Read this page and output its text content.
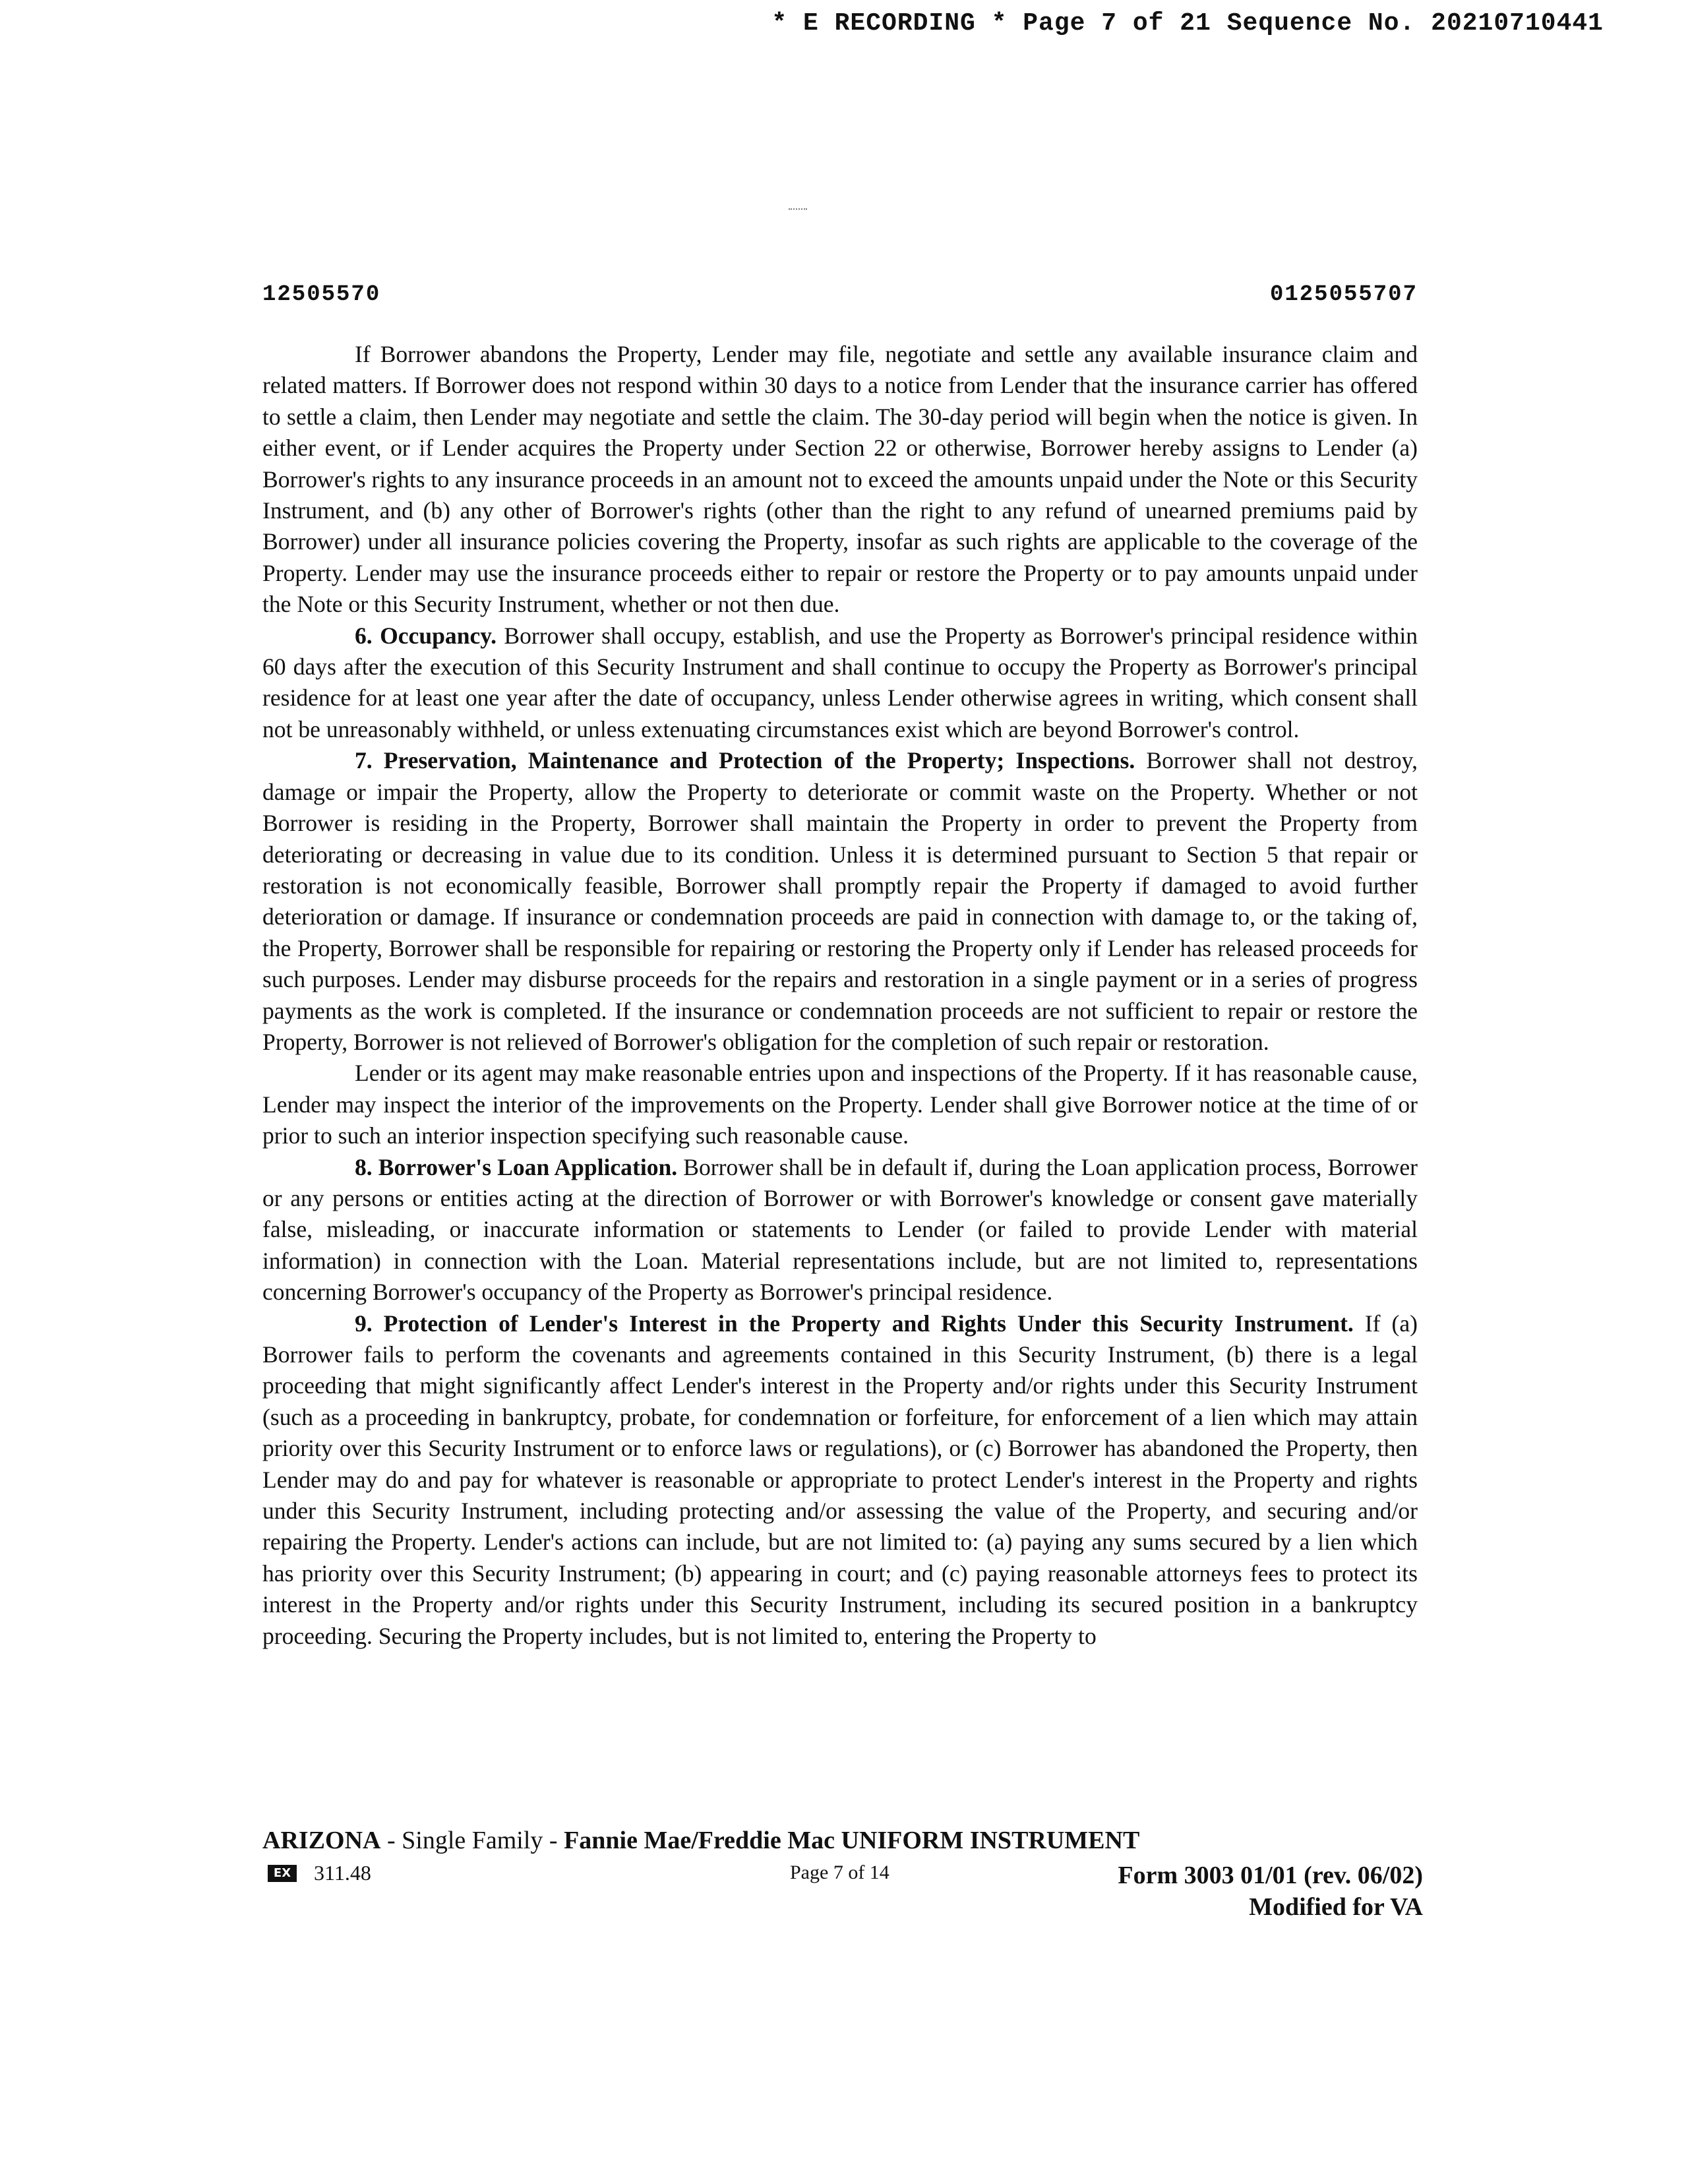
* E RECORDING * Page 7 of 21 Sequence No. 20210710441
12505570	0125055707

If Borrower abandons the Property, Lender may file, negotiate and settle any available insurance claim and related matters. If Borrower does not respond within 30 days to a notice from Lender that the insurance carrier has offered to settle a claim, then Lender may negotiate and settle the claim. The 30-day period will begin when the notice is given. In either event, or if Lender acquires the Property under Section 22 or otherwise, Borrower hereby assigns to Lender (a) Borrower's rights to any insurance proceeds in an amount not to exceed the amounts unpaid under the Note or this Security Instrument, and (b) any other of Borrower's rights (other than the right to any refund of unearned premiums paid by Borrower) under all insurance policies covering the Property, insofar as such rights are applicable to the coverage of the Property. Lender may use the insurance proceeds either to repair or restore the Property or to pay amounts unpaid under the Note or this Security Instrument, whether or not then due.

6. Occupancy. Borrower shall occupy, establish, and use the Property as Borrower's principal residence within 60 days after the execution of this Security Instrument and shall continue to occupy the Property as Borrower's principal residence for at least one year after the date of occupancy, unless Lender otherwise agrees in writing, which consent shall not be unreasonably withheld, or unless extenuating circumstances exist which are beyond Borrower's control.

7. Preservation, Maintenance and Protection of the Property; Inspections. Borrower shall not destroy, damage or impair the Property, allow the Property to deteriorate or commit waste on the Property. Whether or not Borrower is residing in the Property, Borrower shall maintain the Property in order to prevent the Property from deteriorating or decreasing in value due to its condition. Unless it is determined pursuant to Section 5 that repair or restoration is not economically feasible, Borrower shall promptly repair the Property if damaged to avoid further deterioration or damage. If insurance or condemnation proceeds are paid in connection with damage to, or the taking of, the Property, Borrower shall be responsible for repairing or restoring the Property only if Lender has released proceeds for such purposes. Lender may disburse proceeds for the repairs and restoration in a single payment or in a series of progress payments as the work is completed. If the insurance or condemnation proceeds are not sufficient to repair or restore the Property, Borrower is not relieved of Borrower's obligation for the completion of such repair or restoration.

Lender or its agent may make reasonable entries upon and inspections of the Property. If it has reasonable cause, Lender may inspect the interior of the improvements on the Property. Lender shall give Borrower notice at the time of or prior to such an interior inspection specifying such reasonable cause.

8. Borrower's Loan Application. Borrower shall be in default if, during the Loan application process, Borrower or any persons or entities acting at the direction of Borrower or with Borrower's knowledge or consent gave materially false, misleading, or inaccurate information or statements to Lender (or failed to provide Lender with material information) in connection with the Loan. Material representations include, but are not limited to, representations concerning Borrower's occupancy of the Property as Borrower's principal residence.

9. Protection of Lender's Interest in the Property and Rights Under this Security Instrument. If (a) Borrower fails to perform the covenants and agreements contained in this Security Instrument, (b) there is a legal proceeding that might significantly affect Lender's interest in the Property and/or rights under this Security Instrument (such as a proceeding in bankruptcy, probate, for condemnation or forfeiture, for enforcement of a lien which may attain priority over this Security Instrument or to enforce laws or regulations), or (c) Borrower has abandoned the Property, then Lender may do and pay for whatever is reasonable or appropriate to protect Lender's interest in the Property and rights under this Security Instrument, including protecting and/or assessing the value of the Property, and securing and/or repairing the Property. Lender's actions can include, but are not limited to: (a) paying any sums secured by a lien which has priority over this Security Instrument; (b) appearing in court; and (c) paying reasonable attorneys fees to protect its interest in the Property and/or rights under this Security Instrument, including its secured position in a bankruptcy proceeding. Securing the Property includes, but is not limited to, entering the Property to

ARIZONA - Single Family - Fannie Mae/Freddie Mac UNIFORM INSTRUMENT
EX 311.48	Page 7 of 14	Form 3003 01/01 (rev. 06/02)
Modified for VA
